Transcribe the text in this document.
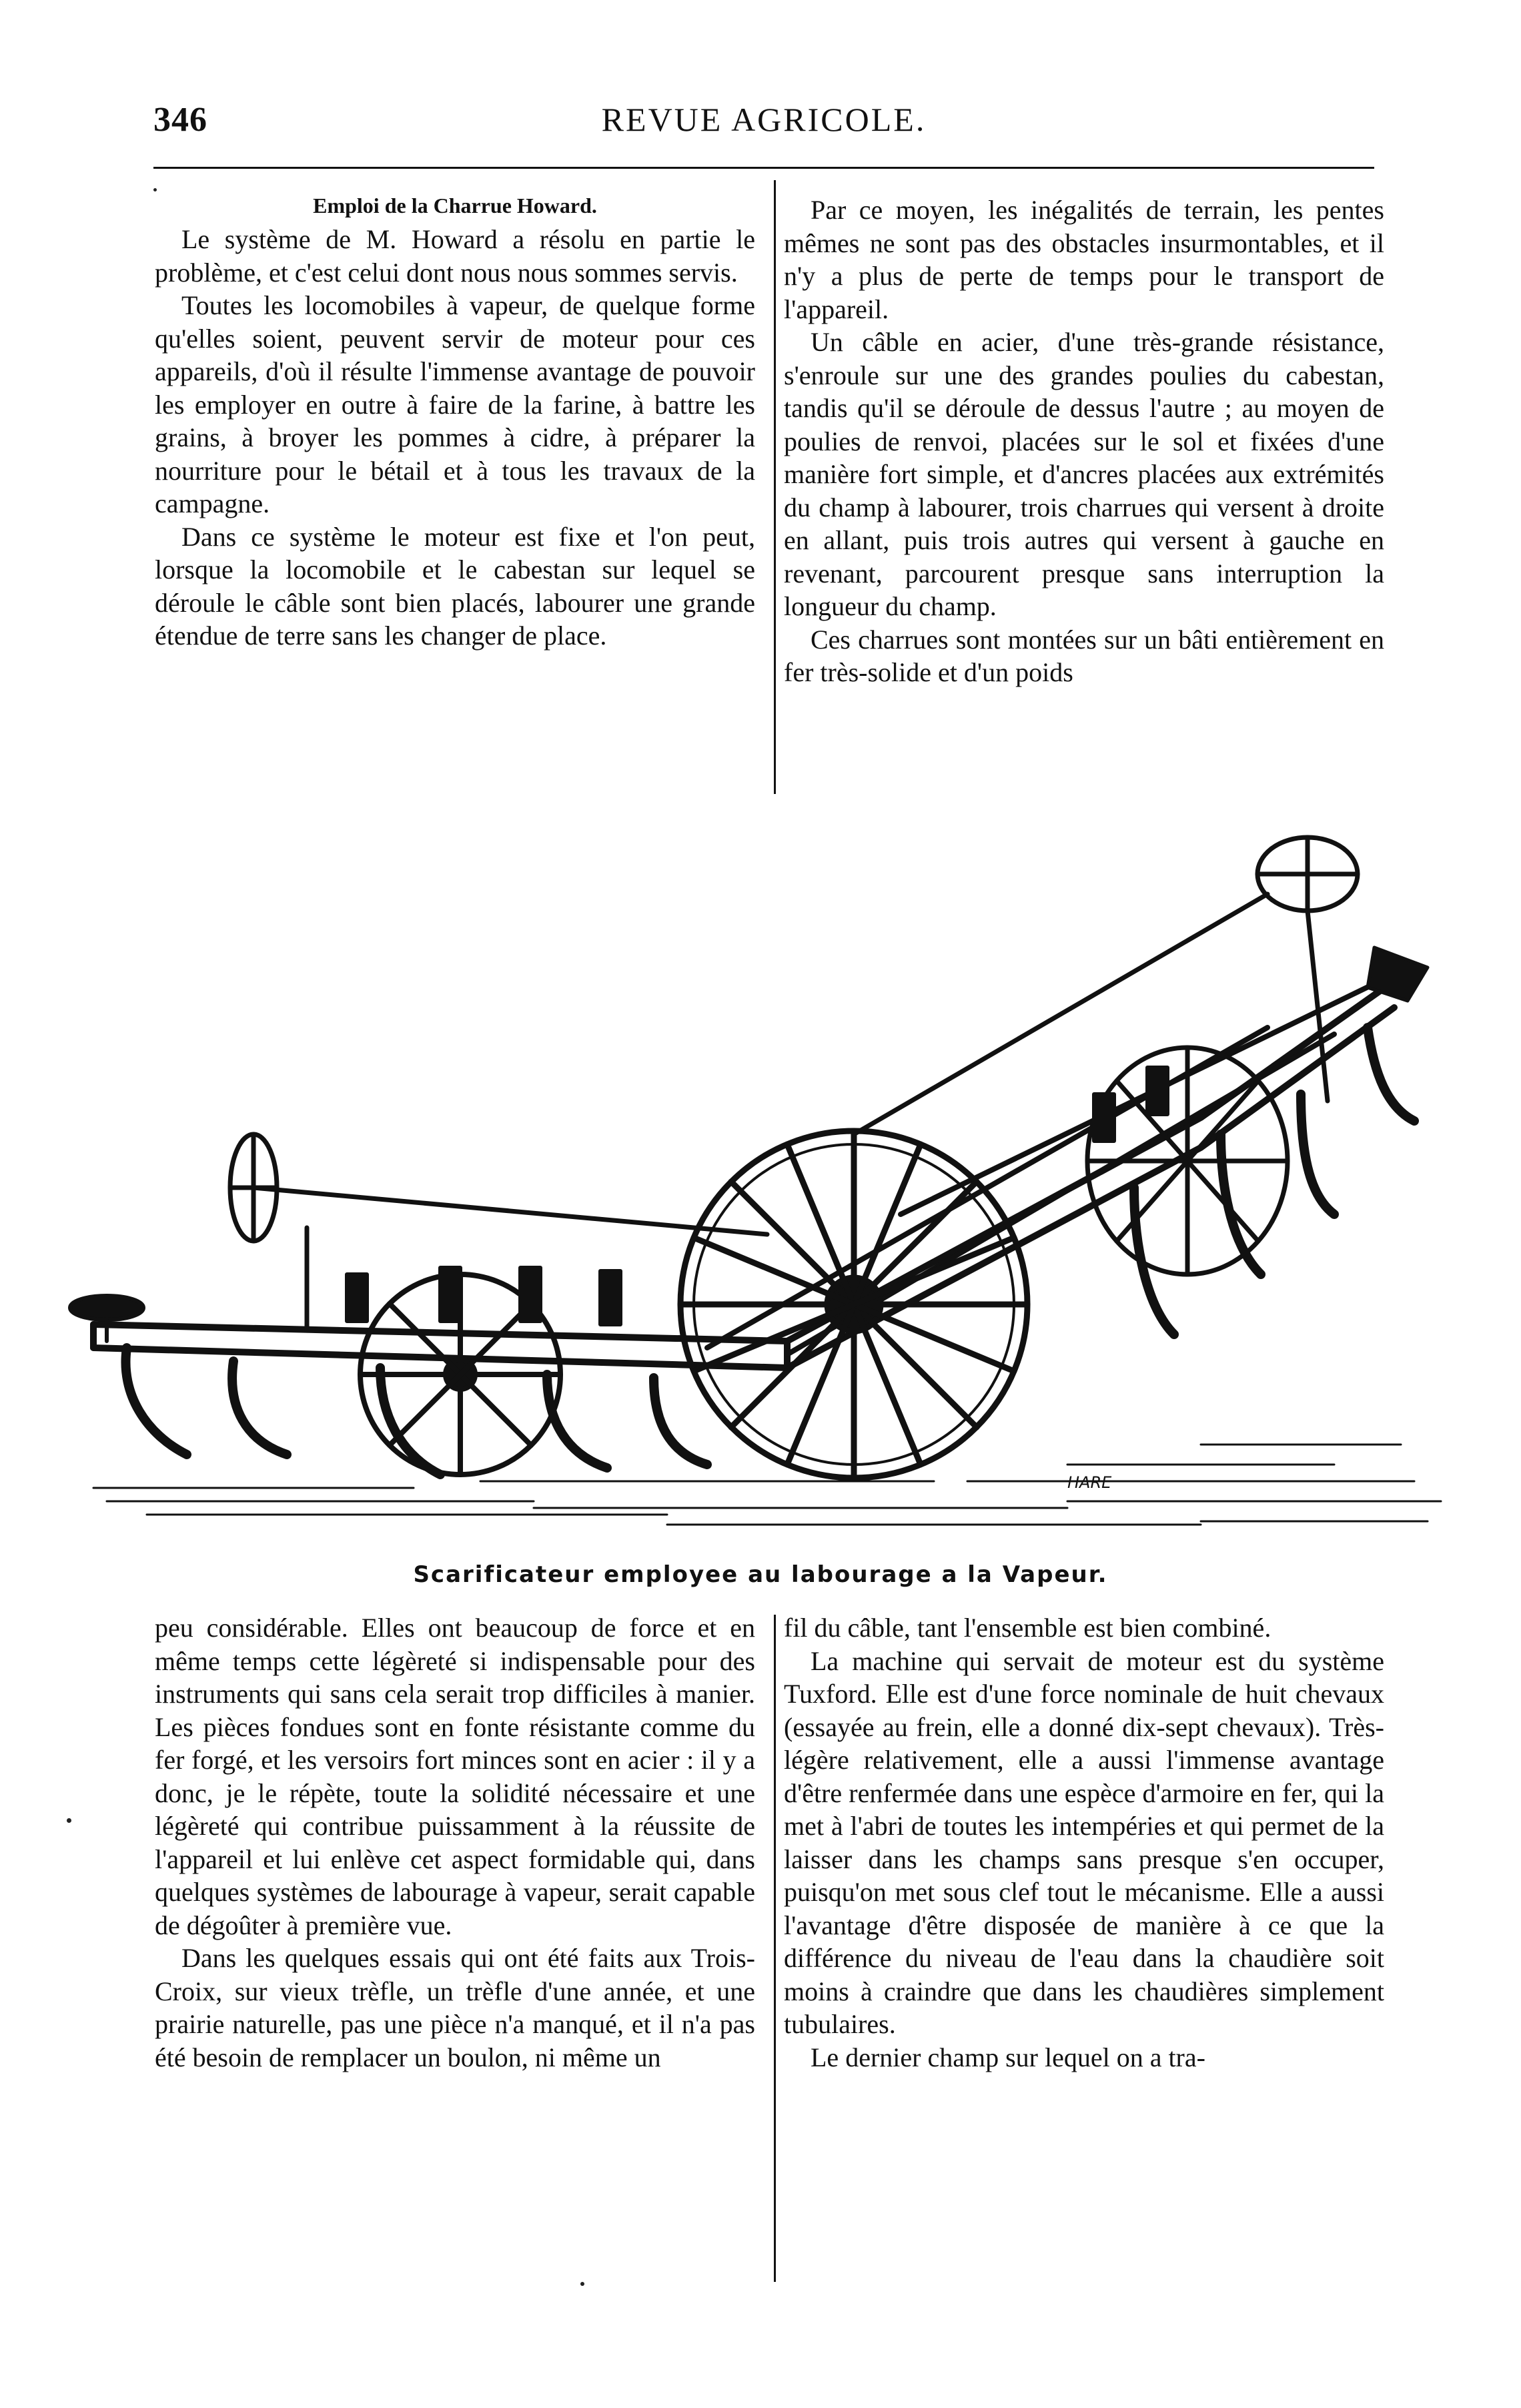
346	REVUE AGRICOLE.

Emploi de la Charrue Howard.

Le système de M. Howard a résolu en partie le problème, et c'est celui dont nous nous sommes servis.

Toutes les locomobiles à vapeur, de quelque forme qu'elles soient, peuvent servir de moteur pour ces appareils, d'où il résulte l'immense avantage de pouvoir les employer en outre à faire de la farine, à battre les grains, à broyer les pommes à cidre, à préparer la nourriture pour le bétail et à tous les travaux de la campagne.

Dans ce système le moteur est fixe et l'on peut, lorsque la locomobile et le cabestan sur lequel se déroule le câble sont bien placés, labourer une grande étendue de terre sans les changer de place.

Par ce moyen, les inégalités de terrain, les pentes mêmes ne sont pas des obstacles insurmontables, et il n'y a plus de perte de temps pour le transport de l'appareil.

Un câble en acier, d'une très-grande résistance, s'enroule sur une des grandes poulies du cabestan, tandis qu'il se déroule de dessus l'autre ; au moyen de poulies de renvoi, placées sur le sol et fixées d'une manière fort simple, et d'ancres placées aux extrémités du champ à labourer, trois charrues qui versent à droite en allant, puis trois autres qui versent à gauche en revenant, parcourent presque sans interruption la longueur du champ.

Ces charrues sont montées sur un bâti entièrement en fer très-solide et d'un poids

HARE
Scarificateur employee au labourage a la Vapeur.

peu considérable. Elles ont beaucoup de force et en même temps cette légèreté si indispensable pour des instruments qui sans cela serait trop difficiles à manier. Les pièces fondues sont en fonte résistante comme du fer forgé, et les versoirs fort minces sont en acier : il y a donc, je le répète, toute la solidité nécessaire et une légèreté qui contribue puissamment à la réussite de l'appareil et lui enlève cet aspect formidable qui, dans quelques systèmes de labourage à vapeur, serait capable de dégoûter à première vue.

Dans les quelques essais qui ont été faits aux Trois-Croix, sur vieux trèfle, un trèfle d'une année, et une prairie naturelle, pas une pièce n'a manqué, et il n'a pas été besoin de remplacer un boulon, ni même un

fil du câble, tant l'ensemble est bien combiné.

La machine qui servait de moteur est du système Tuxford. Elle est d'une force nominale de huit chevaux (essayée au frein, elle a donné dix-sept chevaux). Très-légère relativement, elle a aussi l'immense avantage d'être renfermée dans une espèce d'armoire en fer, qui la met à l'abri de toutes les intempéries et qui permet de la laisser dans les champs sans presque s'en occuper, puisqu'on met sous clef tout le mécanisme. Elle a aussi l'avantage d'être disposée de manière à ce que la différence du niveau de l'eau dans la chaudière soit moins à craindre que dans les chaudières simplement tubulaires.

Le dernier champ sur lequel on a tra-
